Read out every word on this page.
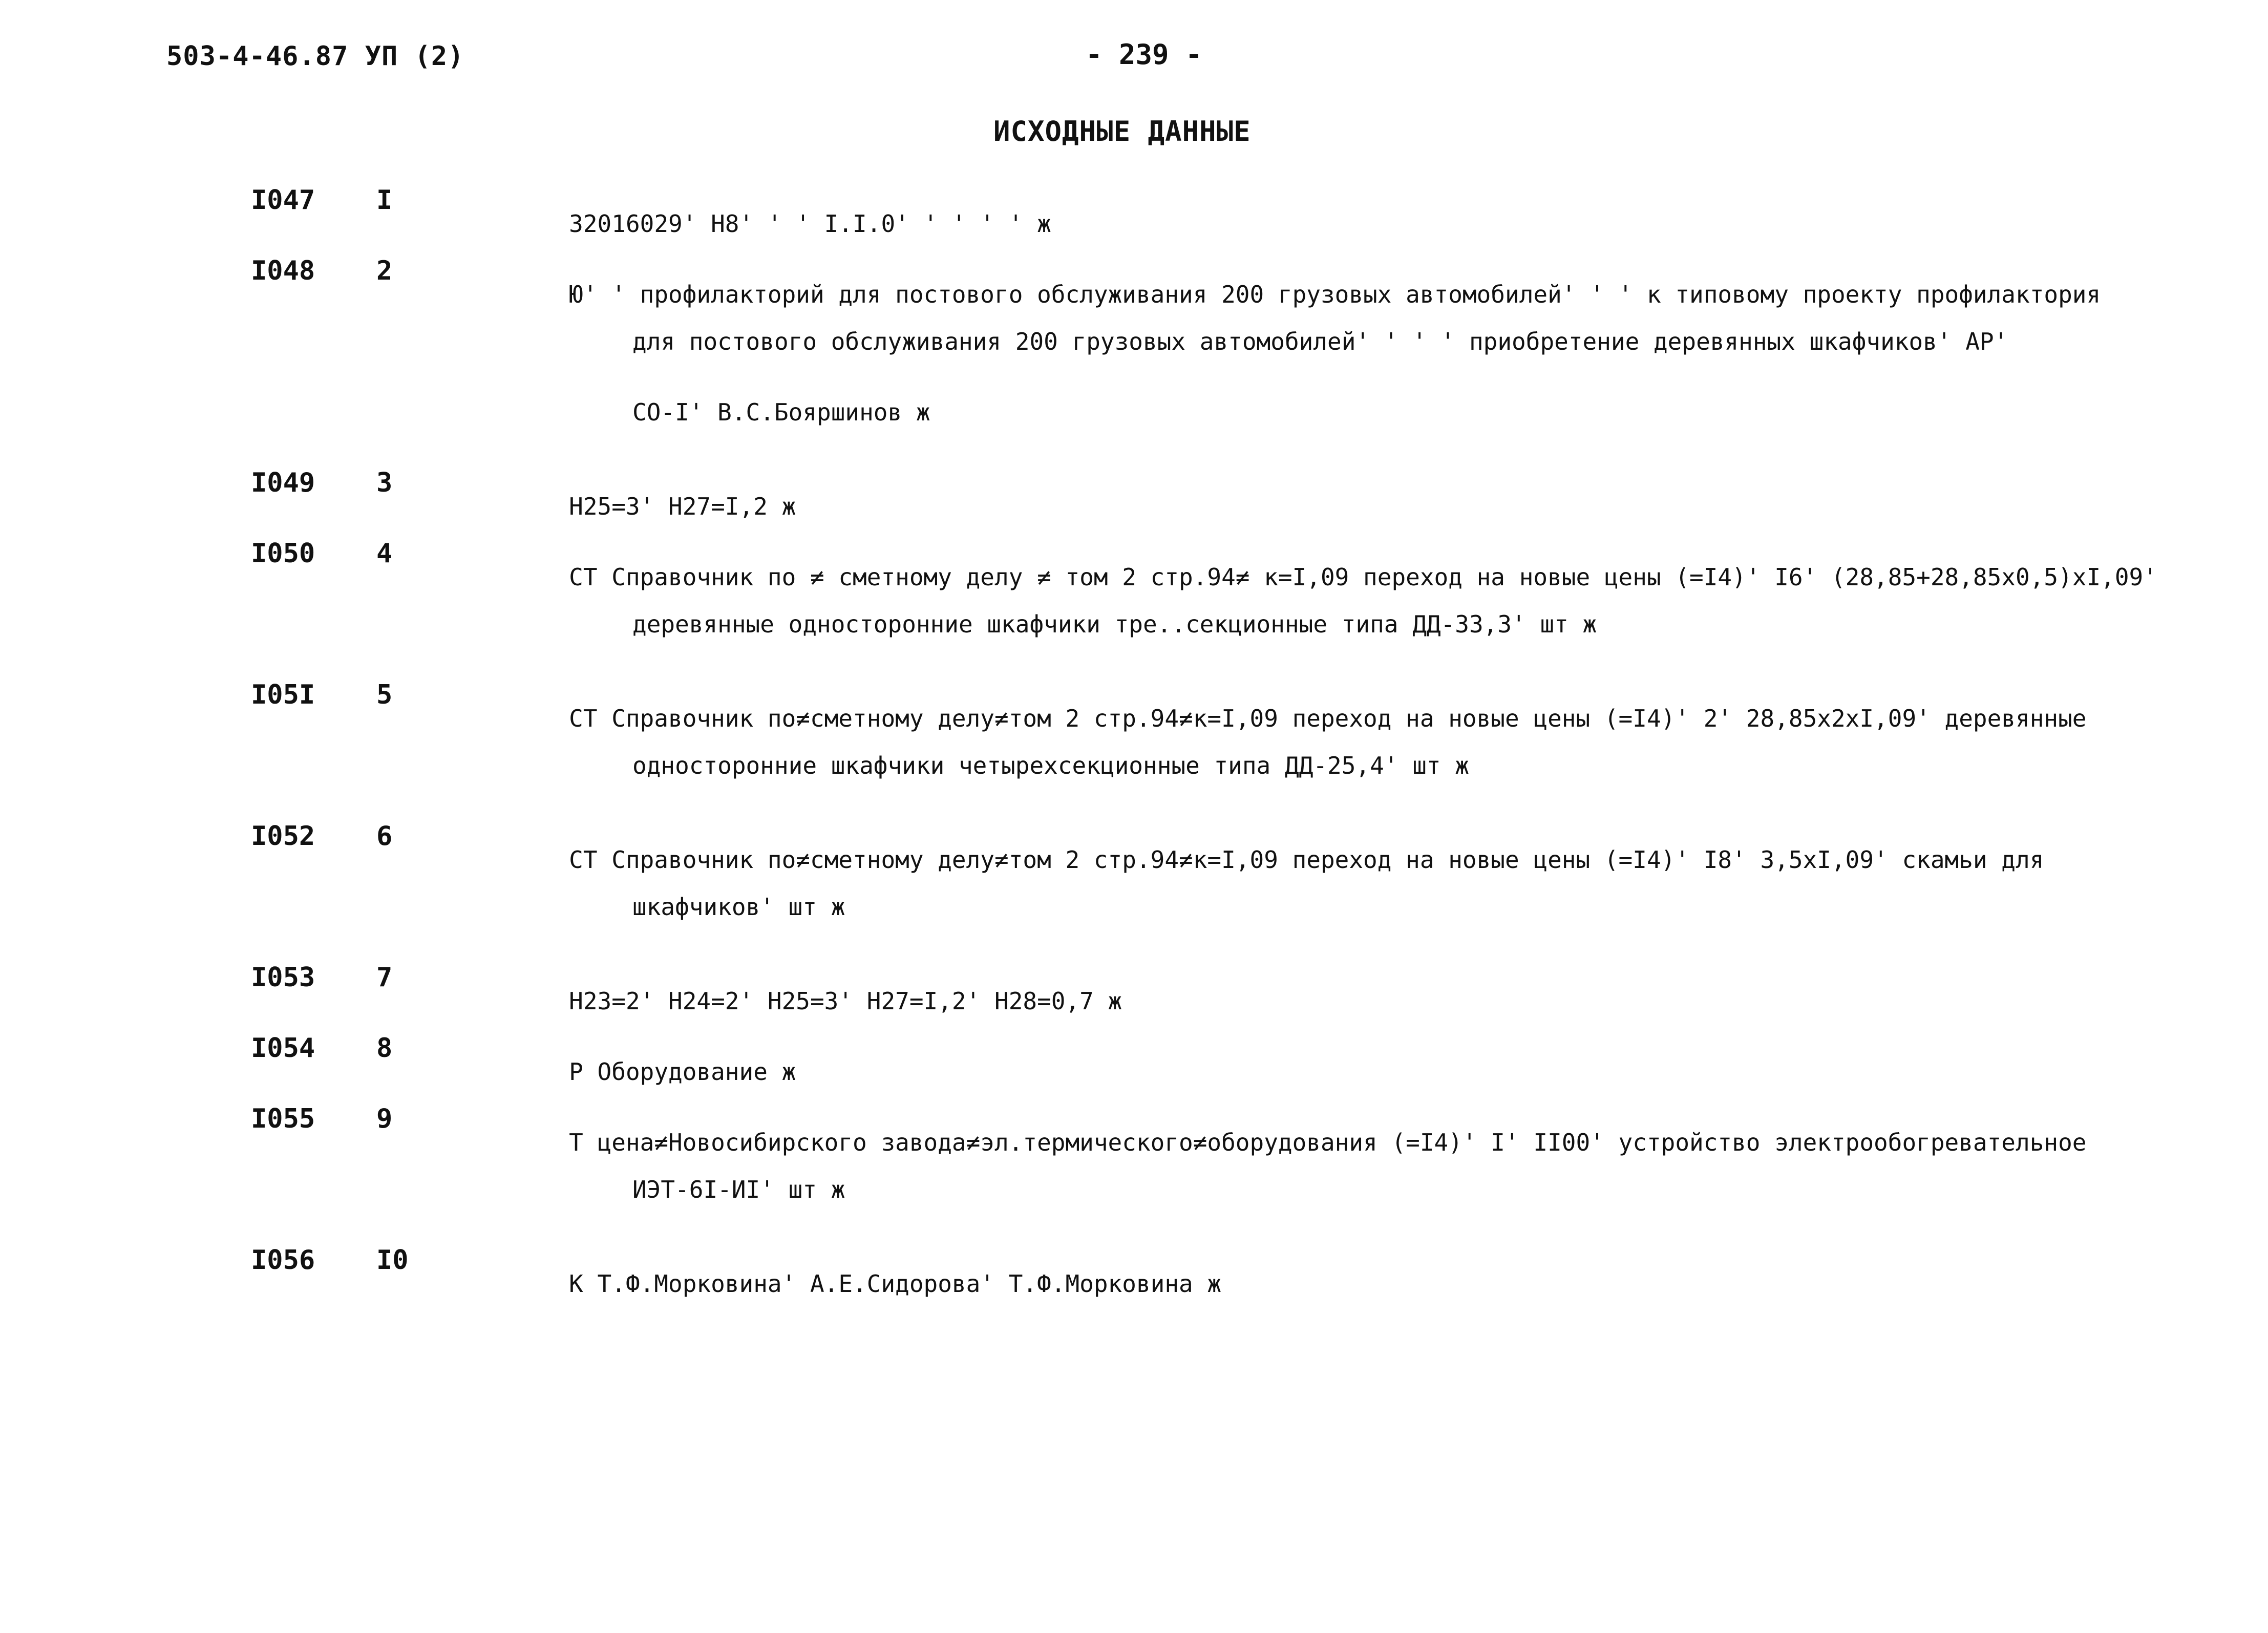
503-4-46.87 УП (2)	- 239 -
ИСХОДНЫЕ ДАННЫЕ
I047	I

32016029' Н8' ' ' I.I.0' ' ' ' ' ж

I048	2

Ю' ' профилакторий для постового обслуживания 200 грузовых автомобилей' ' ' к типовому проекту профилактория

для постового обслуживания 200 грузовых автомобилей' ' ' ' приобретение деревянных шкафчиков' АР'

СО-I' В.С.Бояршинов ж

I049	3

Н25=3' Н27=I,2 ж

I050	4

СТ Справочник по ≠ сметному делу ≠ том 2 стр.94≠ к=I,09 переход на новые цены (=I4)' I6' (28,85+28,85х0,5)хI,09'

деревянные односторонние шкафчики тре..секционные типа ДД-33,3' шт ж

I05I	5

СТ Справочник по≠сметному делу≠том 2 стр.94≠к=I,09 переход на новые цены (=I4)' 2' 28,85х2хI,09' деревянные

односторонние шкафчики четырехсекционные типа ДД-25,4' шт ж

I052	6

СТ Справочник по≠сметному делу≠том 2 стр.94≠к=I,09 переход на новые цены (=I4)' I8' 3,5хI,09' скамьи для

шкафчиков' шт ж

I053	7

Н23=2' Н24=2' Н25=3' Н27=I,2' Н28=0,7 ж

I054	8

Р Оборудование ж

I055	9

Т цена≠Новосибирского завода≠эл.термического≠оборудования (=I4)' I' II00' устройство электрообогревательное

ИЭТ-6I-ИI' шт ж

I056	I0

К Т.Ф.Морковина' А.Е.Сидорова' Т.Ф.Морковина ж
